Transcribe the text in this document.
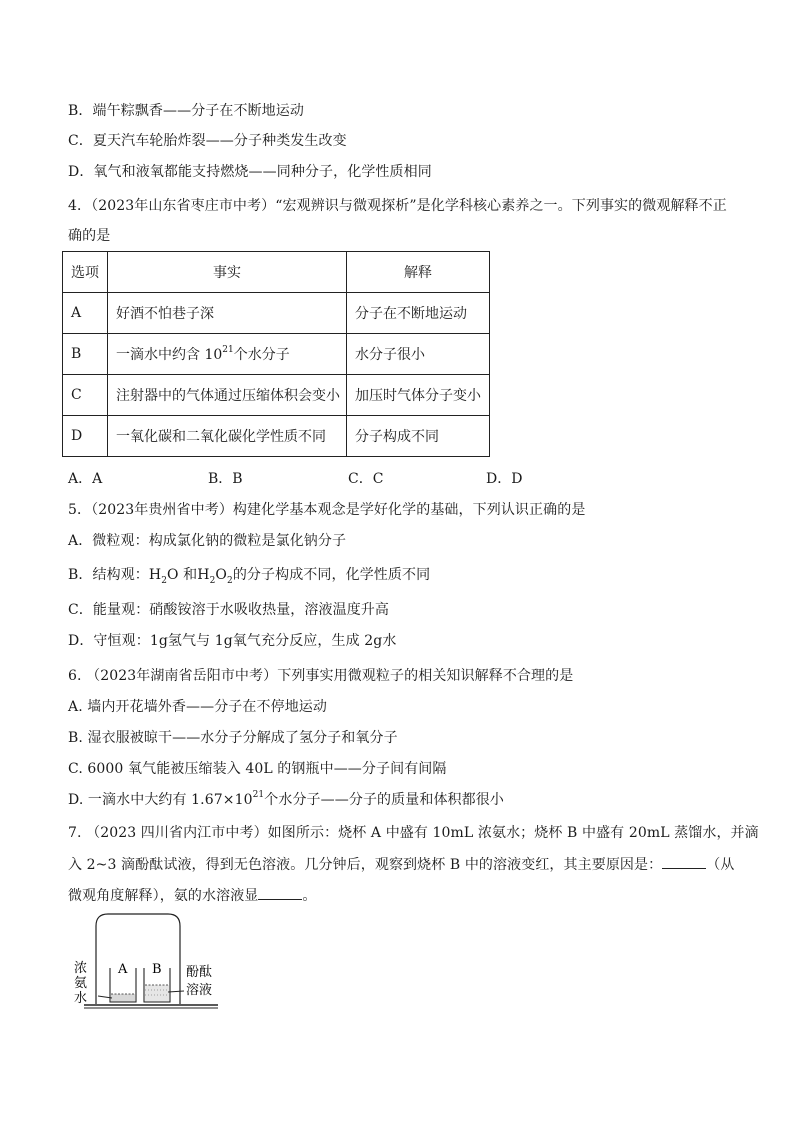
B．端午粽飘香——分子在不断地运动
C．夏天汽车轮胎炸裂——分子种类发生改变
D．氧气和液氧都能支持燃烧——同种分子，化学性质相同
4．（2023年山东省枣庄市中考）“宏观辨识与微观探析”是化学科核心素养之一。下列事实的微观解释不正
确的是
选项	事实	解释
A	好酒不怕巷子深	分子在不断地运动
B	一滴水中约含 $10^{21}$个水分子	水分子很小
C	注射器中的气体通过压缩体积会变小	加压时气体分子变小
D	一氧化碳和二氧化碳化学性质不同	分子构成不同
A．A	B．B	C．C	D．D
5．（2023年贵州省中考）构建化学基本观念是学好化学的基础，下列认识正确的是
A．微粒观：构成氯化钠的微粒是氯化钠分子
B．结构观：$H_2O$ 和$H_2O_2$的分子构成不同，化学性质不同
C．能量观：硝酸铵溶于水吸收热量，溶液温度升高
D．守恒观：1g氢气与 1g氧气充分反应，生成 2g水
6. （2023年湖南省岳阳市中考）下列事实用微观粒子的相关知识解释不合理的是
A. 墙内开花墙外香——分子在不停地运动
B. 湿衣服被晾干——水分子分解成了氢分子和氧分子
C. 6000 氧气能被压缩装入 40L 的钢瓶中——分子间有间隔
D. 一滴水中大约有 $1.67\times 10^{21}$个水分子——分子的质量和体积都很小
7. （2023 四川省内江市中考）如图所示：烧杯 A 中盛有 10mL 浓氨水；烧杯 B 中盛有 20mL 蒸馏水，并滴
入 2~3 滴酚酞试液，得到无色溶液。几分钟后，观察到烧杯 B 中的溶液变红，其主要原因是：	（从
微观角度解释），氨的水溶液显	。
A B
浓
氨
水
酚酞
溶液
